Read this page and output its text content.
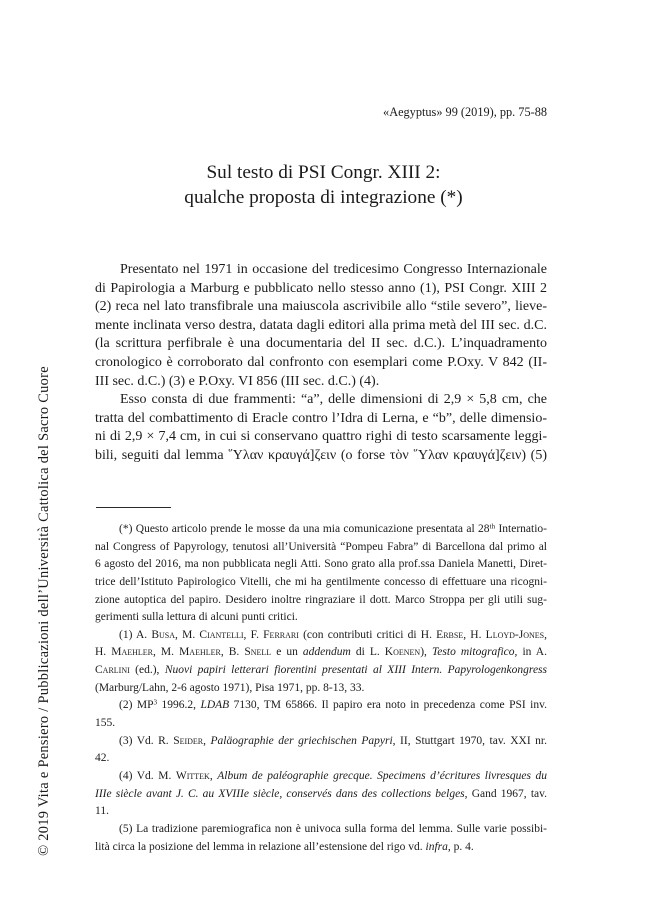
© 2019 Vita e Pensiero / Pubblicazioni dell’Università Cattolica del Sacro Cuore
«Aegyptus» 99 (2019), pp. 75-88
Sul testo di PSI Congr. XIII 2:
qualche proposta di integrazione (*)
Presentato nel 1971 in occasione del tredicesimo Congresso Internazionale
di Papirologia a Marburg e pubblicato nello stesso anno (1), PSI Congr. XIII 2
(2) reca nel lato transfibrale una maiuscola ascrivibile allo “stile severo”, lieve-
mente inclinata verso destra, datata dagli editori alla prima metà del III sec. d.C.
(la scrittura perfibrale è una documentaria del II sec. d.C.). L’inquadramento
cronologico è corroborato dal confronto con esemplari come P.Oxy. V 842 (II-
III sec. d.C.) (3) e P.Oxy. VI 856 (III sec. d.C.) (4).
Esso consta di due frammenti: “a”, delle dimensioni di 2,9 × 5,8 cm, che
tratta del combattimento di Eracle contro l’Idra di Lerna, e “b”, delle dimensio-
ni di 2,9 × 7,4 cm, in cui si conservano quattro righi di testo scarsamente leggi-
bili, seguiti dal lemma ῞Υλαν κραυγά]ζειν (o forse τὸν ῞Υλαν κραυγά]ζειν) (5)
(*) Questo articolo prende le mosse da una mia comunicazione presentata al 28th Internatio-
nal Congress of Papyrology, tenutosi all’Università “Pompeu Fabra” di Barcellona dal primo al
6 agosto del 2016, ma non pubblicata negli Atti. Sono grato alla prof.ssa Daniela Manetti, Diret-
trice dell’Istituto Papirologico Vitelli, che mi ha gentilmente concesso di effettuare una ricogni-
zione autoptica del papiro. Desidero inoltre ringraziare il dott. Marco Stroppa per gli utili sug-
gerimenti sulla lettura di alcuni punti critici.
(1) A. Busa, M. Ciantelli, F. Ferrari (con contributi critici di H. Erbse, H. Lloyd-Jones,
H. Maehler, M. Maehler, B. Snell e un addendum di L. Koenen), Testo mitografico, in A.
Carlini (ed.), Nuovi papiri letterari fiorentini presentati al XIII Intern. Papyrologenkongress
(Marburg/Lahn, 2-6 agosto 1971), Pisa 1971, pp. 8-13, 33.
(2) $MP^3$ 1996.2, LDAB 7130, TM 65866. Il papiro era noto in precedenza come PSI inv.
155.
(3) Vd. R. Seider, Paläographie der griechischen Papyri, II, Stuttgart 1970, tav. XXI nr.
42.
(4) Vd. M. Wittek, Album de paléographie grecque. Specimens d’écritures livresques du
IIIe siècle avant J. C. au XVIIIe siècle, conservés dans des collections belges, Gand 1967, tav.
11.
(5) La tradizione paremiografica non è univoca sulla forma del lemma. Sulle varie possibi-
lità circa la posizione del lemma in relazione all’estensione del rigo vd. infra, p. 4.
